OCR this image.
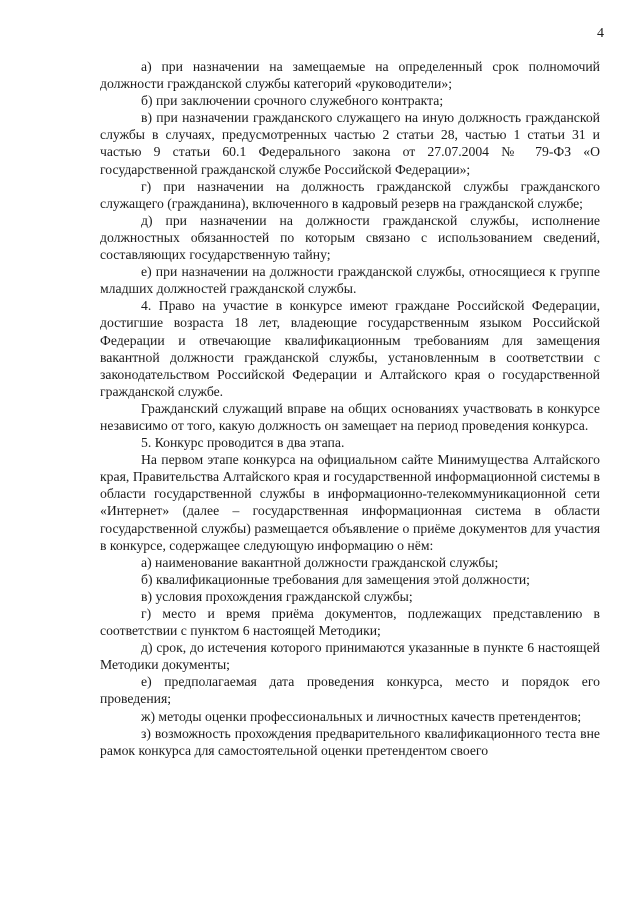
4

а) при назначении на замещаемые на определенный срок полномочий должности гражданской службы категорий «руководители»;

б) при заключении срочного служебного контракта;

в) при назначении гражданского служащего на иную должность гражданской службы в случаях, предусмотренных частью 2 статьи 28, частью 1 статьи 31 и частью 9 статьи 60.1 Федерального закона от 27.07.2004 № 79-ФЗ «О государственной гражданской службе Российской Федерации»;

г) при назначении на должность гражданской службы гражданского служащего (гражданина), включенного в кадровый резерв на гражданской службе;

д) при назначении на должности гражданской службы, исполнение должностных обязанностей по которым связано с использованием сведений, составляющих государственную тайну;

е) при назначении на должности гражданской службы, относящиеся к группе младших должностей гражданской службы.

4. Право на участие в конкурсе имеют граждане Российской Федерации, достигшие возраста 18 лет, владеющие государственным языком Российской Федерации и отвечающие квалификационным требованиям для замещения вакантной должности гражданской службы, установленным в соответствии с законодательством Российской Федерации и Алтайского края о государственной гражданской службе.

Гражданский служащий вправе на общих основаниях участвовать в конкурсе независимо от того, какую должность он замещает на период проведения конкурса.

5. Конкурс проводится в два этапа.

На первом этапе конкурса на официальном сайте Минимущества Алтайского края, Правительства Алтайского края и государственной информационной системы в области государственной службы в информационно-телекоммуникационной сети «Интернет» (далее – государственная информационная система в области государственной службы) размещается объявление о приёме документов для участия в конкурсе, содержащее следующую информацию о нём:

а) наименование вакантной должности гражданской службы;

б) квалификационные требования для замещения этой должности;

в) условия прохождения гражданской службы;

г) место и время приёма документов, подлежащих представлению в соответствии с пунктом 6 настоящей Методики;

д) срок, до истечения которого принимаются указанные в пункте 6 настоящей Методики документы;

е) предполагаемая дата проведения конкурса, место и порядок его проведения;

ж) методы оценки профессиональных и личностных качеств претендентов;

з) возможность прохождения предварительного квалификационного теста вне рамок конкурса для самостоятельной оценки претендентом своего
